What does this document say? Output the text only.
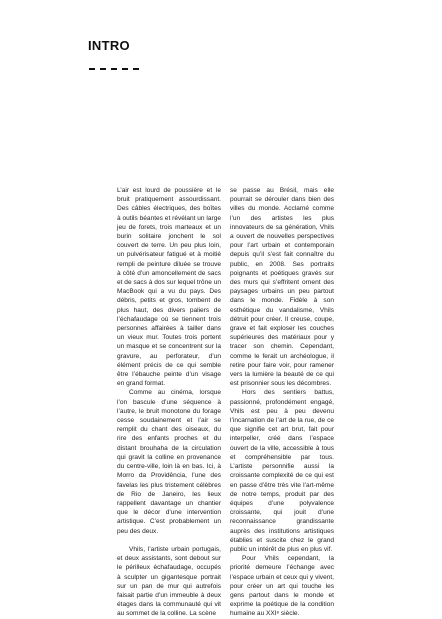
INTRO

L’air est lourd de poussière et le bruit pratiquement assourdissant. Des câbles électriques, des boîtes à outils béantes et révélant un large jeu de forets, trois marteaux et un burin solitaire jonchent le sol couvert de terre. Un peu plus loin, un pulvérisateur fatigué et à moitié rempli de peinture diluée se trouve à côté d’un amoncellement de sacs et de sacs à dos sur lequel trône un MacBook qui a vu du pays. Des débris, petits et gros, tombent de plus haut, des divers paliers de l’échafaudage où se tiennent trois personnes affairées à tailler dans un vieux mur. Toutes trois portent un masque et se concentrent sur la gravure, au perforateur, d’un élément précis de ce qui semble être l’ébauche peinte d’un visage en grand format.

Comme au cinéma, lorsque l’on bascule d’une séquence à l’autre, le bruit monotone du forage cesse soudainement et l’air se remplit du chant des oiseaux, du rire des enfants proches et du distant brouhaha de la circulation qui gravit la colline en provenance du centre-ville, loin là en bas. Ici, à Morro da Providência, l’une des favelas les plus tristement célèbres de Rio de Janeiro, les lieux rappellent davantage un chantier que le décor d’une intervention artistique. C’est probablement un peu des deux.

Vhils, l’artiste urbain portugais, et deux assistants, sont debout sur le périlleux échafaudage, occupés à sculpter un gigantesque portrait sur un pan de mur qui autrefois faisait partie d’un immeuble à deux étages dans la communauté qui vit au sommet de la colline. La scène

se passe au Brésil, mais elle pourrait se dérouler dans bien des villes du monde. Acclamé comme l’un des artistes les plus innovateurs de sa génération, Vhils a ouvert de nouvelles perspectives pour l’art urbain et contemporain depuis qu’il s’est fait connaître du public, en 2008. Ses portraits poignants et poétiques gravés sur des murs qui s’effritent ornent des paysages urbains un peu partout dans le monde. Fidèle à son esthétique du vandalisme, Vhils détruit pour créer. Il creuse, coupe, grave et fait exploser les couches supérieures des matériaux pour y tracer son chemin. Cependant, comme le ferait un archéologue, il retire pour faire voir, pour ramener vers la lumière la beauté de ce qui est prisonnier sous les décombres.

Hors des sentiers battus, passionné, profondément engagé, Vhils est peu à peu devenu l’incarnation de l’art de la rue, de ce que signifie cet art brut, fait pour interpeller, créé dans l’espace ouvert de la ville, accessible à tous et compréhensible par tous. L’artiste personnifie aussi la croissante complexité de ce qui est en passe d’être très vite l’art-même de notre temps, produit par des équipes d’une polyvalence croissante, qui jouit d’une reconnaissance grandissante auprès des institutions artistiques établies et suscite chez le grand public un intérêt de plus en plus vif.

Pour Vhils cependant, la priorité demeure l’échange avec l’espace urbain et ceux qui y vivent, pour créer un art qui touche les gens partout dans le monde et exprime la poétique de la condition humaine au XXIᵉ siècle.
